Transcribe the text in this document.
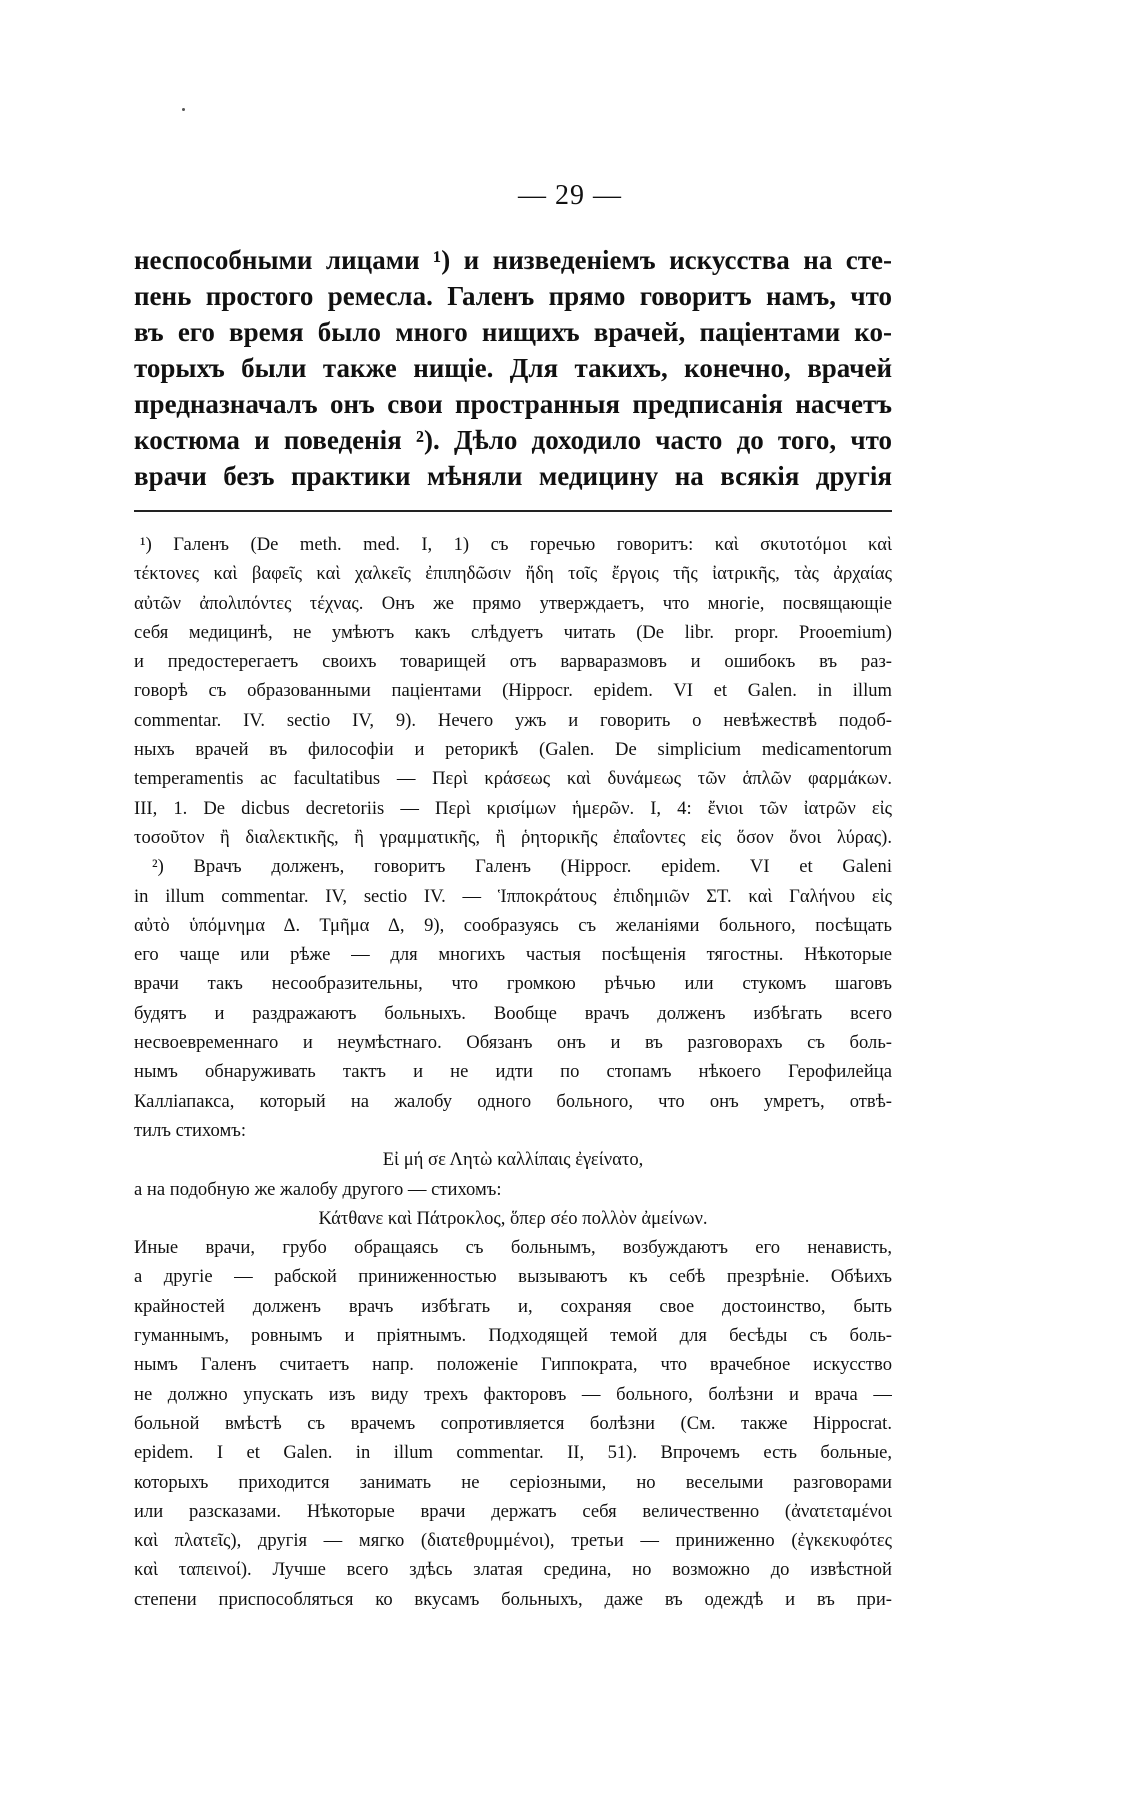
— 29 —
неспособными лицами ¹) и низведеніемъ искусства на сте-
пень простого ремесла. Галенъ прямо говоритъ намъ, что
въ его время было много нищихъ врачей, паціентами ко-
торыхъ были также нищіе. Для такихъ, конечно, врачей
предназначалъ онъ свои пространныя предписанія насчетъ
костюма и поведенія ²). Дѣло доходило часто до того, что
врачи безъ практики мѣняли медицину на всякія другія
¹) Галенъ (De meth. med. I, 1) съ горечью говоритъ: καὶ σκυτοτόμοι καὶ
τέκτονες καὶ βαφεῖς καὶ χαλκεῖς ἐπιπηδῶσιν ἤδη τοῖς ἔργοις τῆς ἰατρικῆς, τὰς ἀρχαίας
αὐτῶν ἀπολιπόντες τέχνας. Онъ же прямо утверждаетъ, что многіе, посвящающіе
себя медицинѣ, не умѣютъ какъ слѣдуетъ читать (De libr. propr. Prooemium)
и предостерегаетъ своихъ товарищей отъ варваразмовъ и ошибокъ въ раз-
говорѣ съ образованными паціентами (Hippocr. epidem. VI et Galen. in illum
commentar. IV. sectio IV, 9). Нечего ужъ и говорить о невѣжествѣ подоб-
ныхъ врачей въ философіи и реторикѣ (Galen. De simplicium medicamentorum
temperamentis ac facultatibus — Περὶ κράσεως καὶ δυνάμεως τῶν ἁπλῶν φαρμάκων.
III, 1. De dicbus decretoriis — Περὶ κρισίμων ἡμερῶν. I, 4: ἔνιοι τῶν ἰατρῶν εἰς
τοσοῦτον ἢ διαλεκτικῆς, ἢ γραμματικῆς, ἢ ῥητορικῆς ἐπαΐοντες εἰς ὅσον ὄνοι λύρας).
²) Врачъ долженъ, говоритъ Галенъ (Hippocr. epidem. VI et Galeni
in illum commentar. IV, sectio IV. — Ἱπποκράτους ἐπιδημιῶν ΣΤ. καὶ Γαλήνου εἰς
αὐτὸ ὑπόμνημα Δ. Τμῆμα Δ, 9), сообразуясь съ желаніями больного, посѣщать
его чаще или рѣже — для многихъ частыя посѣщенія тягостны. Нѣкоторые
врачи такъ несообразительны, что громкою рѣчью или стукомъ шаговъ
будятъ и раздражаютъ больныхъ. Вообще врачъ долженъ избѣгать всего
несвоевременнаго и неумѣстнаго. Обязанъ онъ и въ разговорахъ съ боль-
нымъ обнаруживать тактъ и не идти по стопамъ нѣкоего Герофилейца
Калліапакса, который на жалобу одного больного, что онъ умретъ, отвѣ-
тилъ стихомъ:
Εἰ μή σε Λητὼ καλλίπαις ἐγείνατο,
а на подобную же жалобу другого — стихомъ:
Κάτθανε καὶ Πάτροκλος, ὅπερ σέο πολλὸν ἀμείνων.
Иные врачи, грубо обращаясь съ больнымъ, возбуждаютъ его ненависть,
а другіе — рабской приниженностью вызываютъ къ себѣ презрѣніе. Обѣихъ
крайностей долженъ врачъ избѣгать и, сохраняя свое достоинство, быть
гуманнымъ, ровнымъ и пріятнымъ. Подходящей темой для бесѣды съ боль-
нымъ Галенъ считаетъ напр. положеніе Гиппократа, что врачебное искусство
не должно упускать изъ виду трехъ факторовъ — больного, болѣзни и врача —
больной вмѣстѣ съ врачемъ сопротивляется болѣзни (См. также Hippocrat.
epidem. I et Galen. in illum commentar. II, 51). Впрочемъ есть больные,
которыхъ приходится занимать не серіозными, но веселыми разговорами
или разсказами. Нѣкоторые врачи держатъ себя величественно (ἀνατεταμένοι
καὶ πλατεῖς), другія — мягко (διατεθρυμμένοι), третьи — приниженно (ἐγκεκυφότες
καὶ ταπεινοί). Лучше всего здѣсь златая средина, но возможно до извѣстной
степени приспособляться ко вкусамъ больныхъ, даже въ одеждѣ и въ при-
